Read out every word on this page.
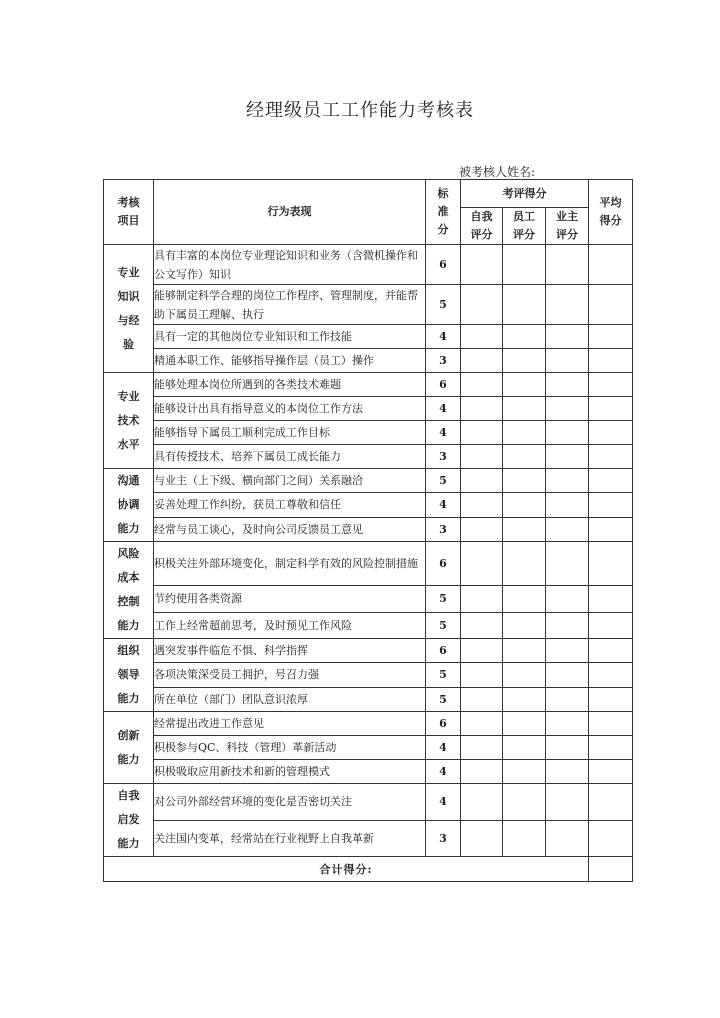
经理级员工工作能力考核表
被考核人姓名:
考核项目	行为表现	标准分	考评得分			平均得分
			自我评分	员工评分	业主评分	
专业知识与经验	具有丰富的本岗位专业理论知识和业务（含微机操作和公文写作）知识	6				
	能够制定科学合理的岗位工作程序、管理制度，并能帮助下属员工理解、执行	5				
	具有一定的其他岗位专业知识和工作技能	4				
	精通本职工作、能够指导操作层（员工）操作	3				
专业技术水平	能够处理本岗位所遇到的各类技术难题	6				
	能够设计出具有指导意义的本岗位工作方法	4				
	能够指导下属员工顺利完成工作目标	4				
	具有传授技术、培养下属员工成长能力	3				
沟通协调能力	与业主（上下级、横向部门之间）关系融洽	5				
	妥善处理工作纠纷，获员工尊敬和信任	4				
	经常与员工谈心，及时向公司反馈员工意见	3				
风险成本控制能力	积极关注外部环境变化，制定科学有效的风险控制措施	6				
	节约使用各类资源	5				
	工作上经常超前思考，及时预见工作风险	5				
组织领导能力	遇突发事件临危不惧、科学指挥	6				
	各项决策深受员工拥护，号召力强	5				
	所在单位（部门）团队意识浓厚	5				
创新能力	经常提出改进工作意见	6				
	积极参与QC、科技（管理）革新活动	4				
	积极吸取应用新技术和新的管理模式	4				
自我启发能力	对公司外部经营环境的变化是否密切关注	4				
	关注国内变革，经常站在行业视野上自我革新	3				
合计得分:						
